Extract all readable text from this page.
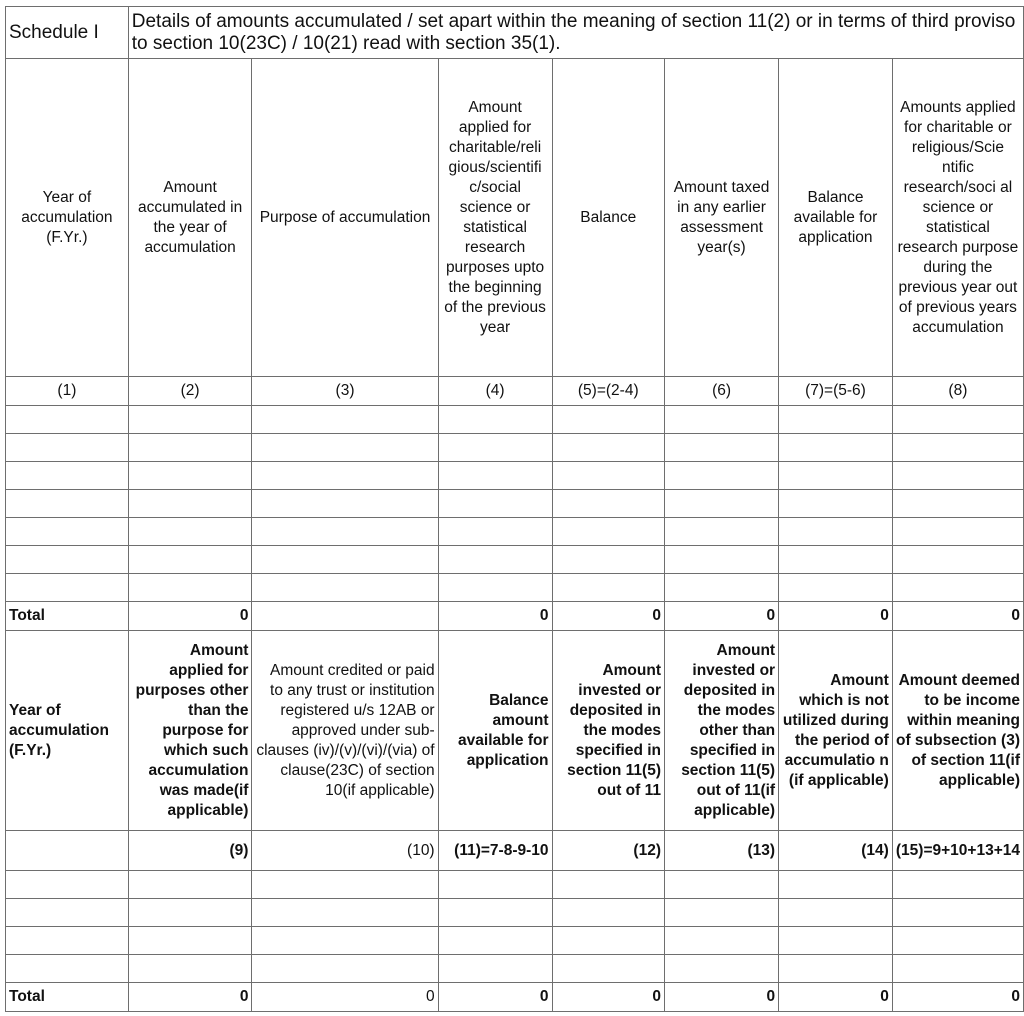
Schedule I	Details of amounts accumulated / set apart within the meaning of section 11(2) or in terms of third proviso to section 10(23C) / 10(21) read with section 35(1).						
Year of accumulation (F.Yr.)	Amount accumulated in the year of accumulation	Purpose of accumulation	Amount applied for charitable/reli gious/scientifi c/social science or statistical research purposes upto the beginning of the previous year	Balance	Amount taxed in any earlier assessment year(s)	Balance available for application	Amounts applied for charitable or religious/Scie ntific research/soci al science or statistical research purpose during the previous year out of previous years accumulation
(1)	(2)	(3)	(4)	(5)=(2-4)	(6)	(7)=(5-6)	(8)

Total	0		0	0	0	0	0
Year of accumulation (F.Yr.)	Amount applied for purposes other than the purpose for which such accumulation was made(if applicable)	Amount credited or paid to any trust or institution registered u/s 12AB or approved under sub-clauses (iv)/(v)/(vi)/(via) of clause(23C) of section 10(if applicable)	Balance amount available for application	Amount invested or deposited in the modes specified in section 11(5) out of 11	Amount invested or deposited in the modes other than specified in section 11(5) out of 11(if applicable)	Amount which is not utilized during the period of accumulatio n (if applicable)	Amount deemed to be income within meaning of subsection (3) of section 11(if applicable)
	(9)	(10)	(11)=7-8-9-10	(12)	(13)	(14)	(15)=9+10+13+14

Total	0	0	0	0	0	0	0
